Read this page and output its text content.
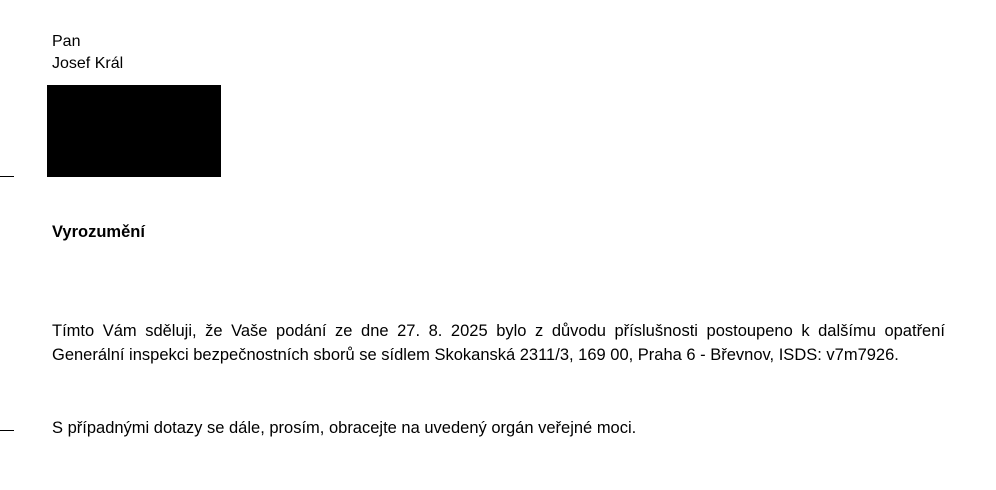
Pan
Josef Král
Vyrozumění

Tímto Vám sděluji, že Vaše podání ze dne 27. 8. 2025 bylo z důvodu příslušnosti postoupeno k dalšímu opatření Generální inspekci bezpečnostních sborů se sídlem Skokanská 2311/3, 169 00, Praha 6 - Břevnov, ISDS: v7m7926.

S případnými dotazy se dále, prosím, obracejte na uvedený orgán veřejné moci.
